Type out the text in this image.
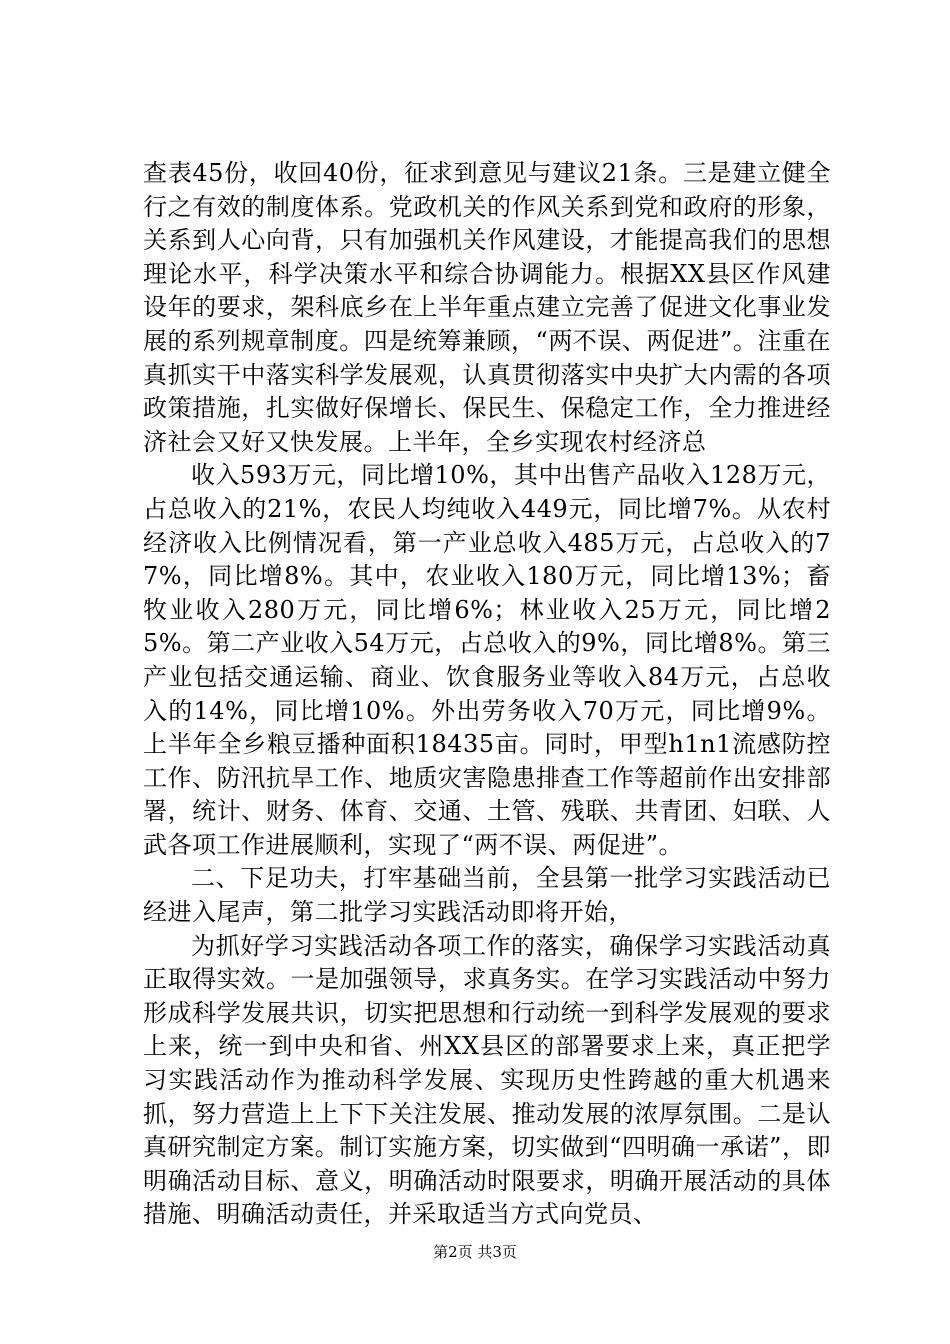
查表45份，收回40份，征求到意见与建议21条。三是建立健全行之有效的制度体系。党政机关的作风关系到党和政府的形象，关系到人心向背，只有加强机关作风建设，才能提高我们的思想理论水平，科学决策水平和综合协调能力。根据XX县区作风建设年的要求，架科底乡在上半年重点建立完善了促进文化事业发展的系列规章制度。四是统筹兼顾，“两不误、两促进”。注重在真抓实干中落实科学发展观，认真贯彻落实中央扩大内需的各项政策措施，扎实做好保增长、保民生、保稳定工作，全力推进经济社会又好又快发展。上半年，全乡实现农村经济总

收入593万元，同比增10%，其中出售产品收入128万元，占总收入的21%，农民人均纯收入449元，同比增7%。从农村经济收入比例情况看，第一产业总收入485万元，占总收入的77%，同比增8%。其中，农业收入180万元，同比增13%；畜牧业收入280万元，同比增6%；林业收入25万元，同比增25%。第二产业收入54万元，占总收入的9%，同比增8%。第三产业包括交通运输、商业、饮食服务业等收入84万元，占总收入的14%，同比增10%。外出劳务收入70万元，同比增9%。上半年全乡粮豆播种面积18435亩。同时，甲型h1n1流感防控工作、防汛抗旱工作、地质灾害隐患排查工作等超前作出安排部署，统计、财务、体育、交通、土管、残联、共青团、妇联、人武各项工作进展顺利，实现了“两不误、两促进”。

二、下足功夫，打牢基础当前，全县第一批学习实践活动已经进入尾声，第二批学习实践活动即将开始，

为抓好学习实践活动各项工作的落实，确保学习实践活动真正取得实效。一是加强领导，求真务实。在学习实践活动中努力形成科学发展共识，切实把思想和行动统一到科学发展观的要求上来，统一到中央和省、州XX县区的部署要求上来，真正把学习实践活动作为推动科学发展、实现历史性跨越的重大机遇来抓，努力营造上上下下关注发展、推动发展的浓厚氛围。二是认真研究制定方案。制订实施方案，切实做到“四明确一承诺”，即明确活动目标、意义，明确活动时限要求，明确开展活动的具体措施、明确活动责任，并采取适当方式向党员、

第2页 共3页
